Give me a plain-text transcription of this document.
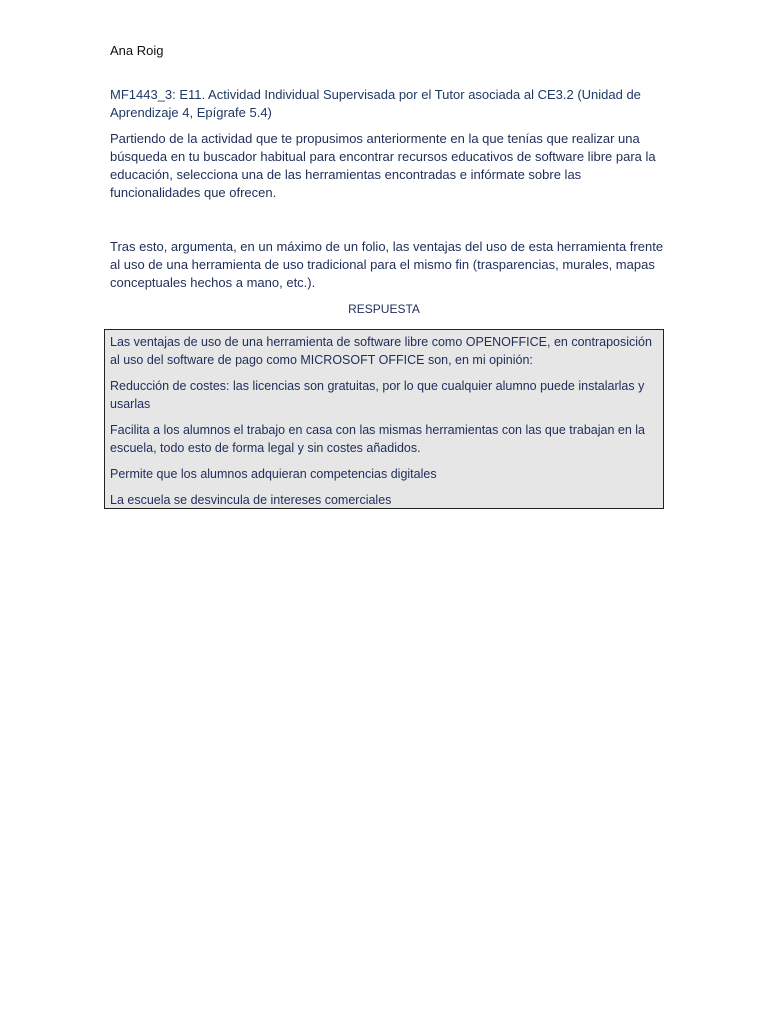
Ana Roig
MF1443_3: E11. Actividad Individual Supervisada por el Tutor asociada al CE3.2 (Unidad de Aprendizaje 4, Epígrafe 5.4)
Partiendo de la actividad que te propusimos anteriormente en la que tenías que realizar una búsqueda en tu buscador habitual para encontrar recursos educativos de software libre para la educación, selecciona una de las herramientas encontradas e infórmate sobre las funcionalidades que ofrecen.
Tras esto, argumenta, en un máximo de un folio, las ventajas del uso de esta herramienta frente al uso de una herramienta de uso tradicional para el mismo fin (trasparencias, murales, mapas conceptuales hechos a mano, etc.).
RESPUESTA

Las ventajas de uso de una herramienta de software libre como OPENOFFICE, en contraposición al uso del software de pago como MICROSOFT OFFICE son, en mi opinión:

Reducción de costes: las licencias son gratuitas, por lo que cualquier alumno puede instalarlas y usarlas

Facilita a los alumnos el trabajo en casa con las mismas herramientas con las que trabajan en la escuela, todo esto de forma legal y sin costes añadidos.

Permite que los alumnos adquieran competencias digitales

La escuela se desvincula de intereses comerciales
